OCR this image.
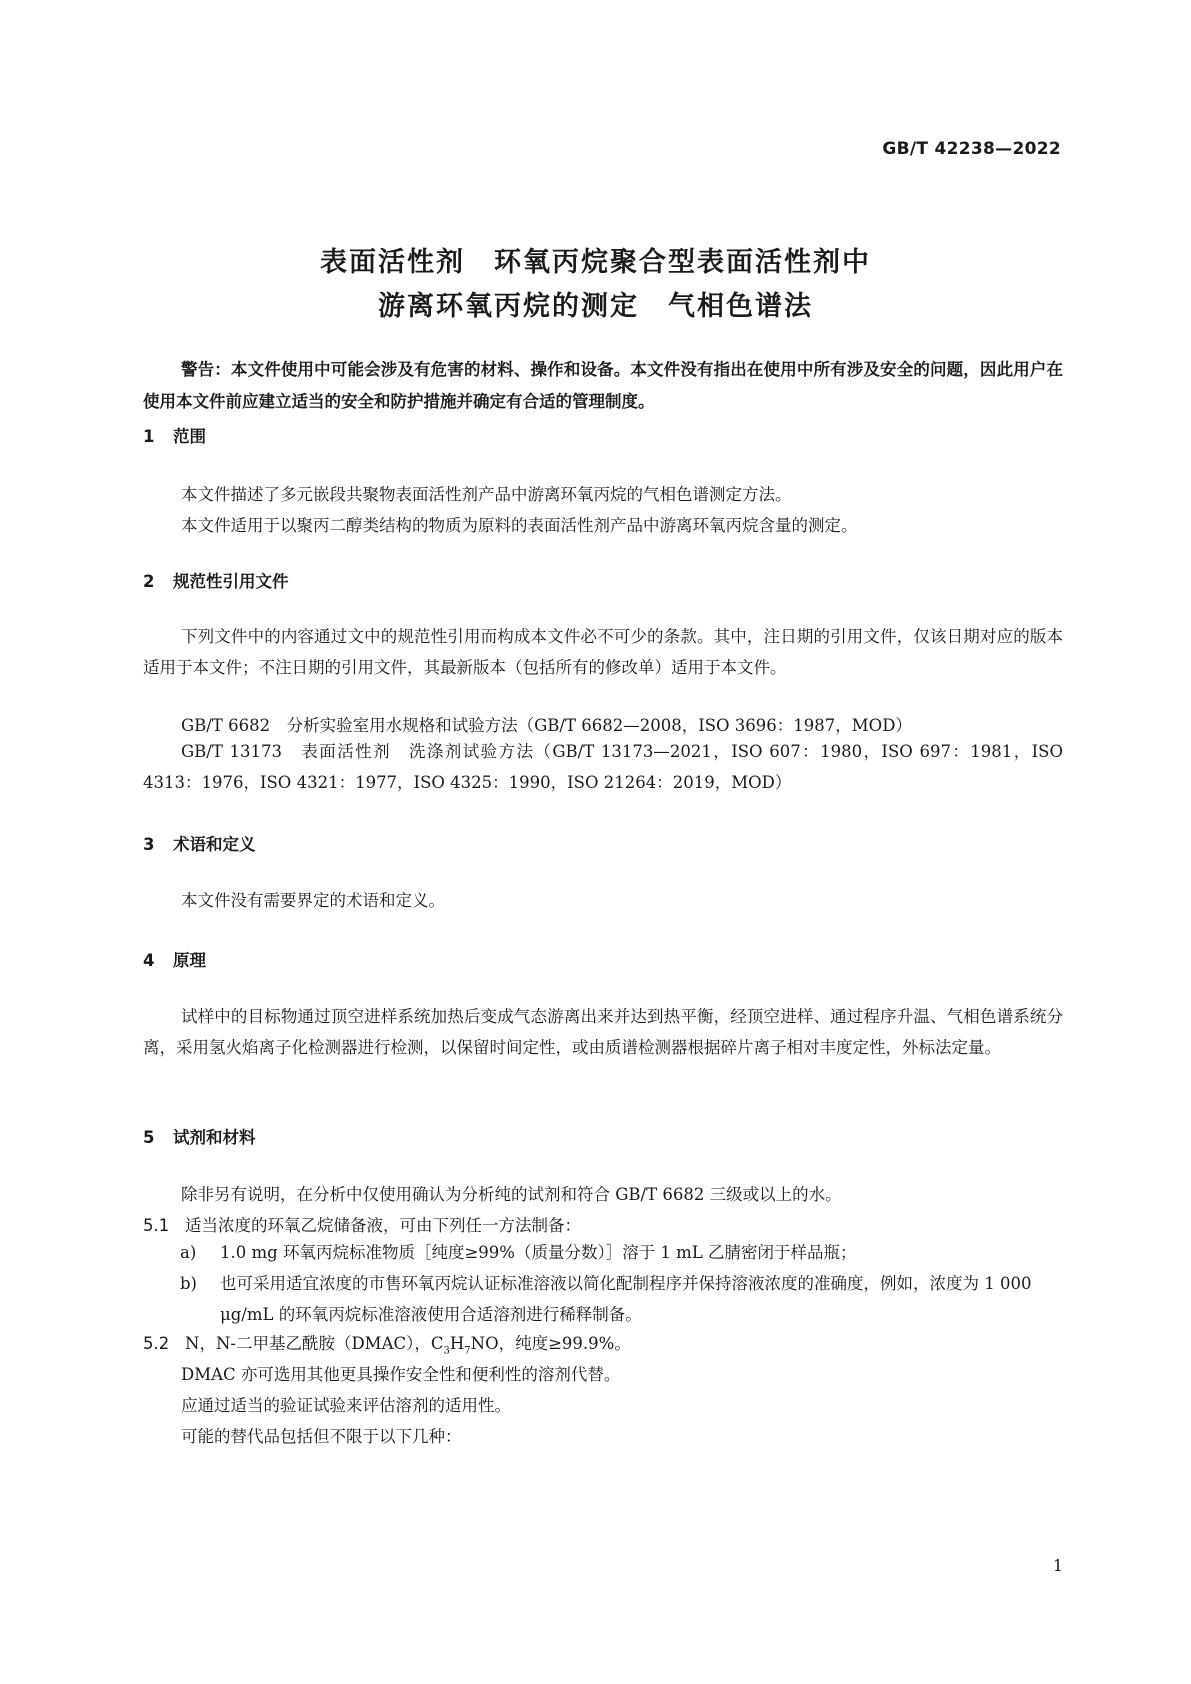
GB/T 42238—2022
表面活性剂　环氧丙烷聚合型表面活性剂中
游离环氧丙烷的测定　气相色谱法
警告：本文件使用中可能会涉及有危害的材料、操作和设备。本文件没有指出在使用中所有涉及安全的问题，因此用户在使用本文件前应建立适当的安全和防护措施并确定有合适的管理制度。
1 范围
本文件描述了多元嵌段共聚物表面活性剂产品中游离环氧丙烷的气相色谱测定方法。
本文件适用于以聚丙二醇类结构的物质为原料的表面活性剂产品中游离环氧丙烷含量的测定。
2 规范性引用文件
下列文件中的内容通过文中的规范性引用而构成本文件必不可少的条款。其中，注日期的引用文件，仅该日期对应的版本适用于本文件；不注日期的引用文件，其最新版本（包括所有的修改单）适用于本文件。
GB/T 6682　分析实验室用水规格和试验方法（GB/T 6682—2008，ISO 3696：1987，MOD）
GB/T 13173　表面活性剂　洗涤剂试验方法（GB/T 13173—2021，ISO 607：1980，ISO 697：1981，ISO 4313：1976，ISO 4321：1977，ISO 4325：1990，ISO 21264：2019，MOD）
3 术语和定义
本文件没有需要界定的术语和定义。
4 原理
试样中的目标物通过顶空进样系统加热后变成气态游离出来并达到热平衡，经顶空进样、通过程序升温、气相色谱系统分离，采用氢火焰离子化检测器进行检测，以保留时间定性，或由质谱检测器根据碎片离子相对丰度定性，外标法定量。
5 试剂和材料
除非另有说明，在分析中仅使用确认为分析纯的试剂和符合 GB/T 6682 三级或以上的水。
5.1 适当浓度的环氧乙烷储备液，可由下列任一方法制备：
a) 1.0 mg 环氧丙烷标准物质［纯度≥99%（质量分数）］溶于 1 mL 乙腈密闭于样品瓶；
b) 也可采用适宜浓度的市售环氧丙烷认证标准溶液以简化配制程序并保持溶液浓度的准确度，例如，浓度为 1 000 μg/mL 的环氧丙烷标准溶液使用合适溶剂进行稀释制备。
5.2 N，N-二甲基乙酰胺（DMAC），$C_3H_7NO$，纯度≥99.9%。
DMAC 亦可选用其他更具操作安全性和便利性的溶剂代替。
应通过适当的验证试验来评估溶剂的适用性。
可能的替代品包括但不限于以下几种：
1
